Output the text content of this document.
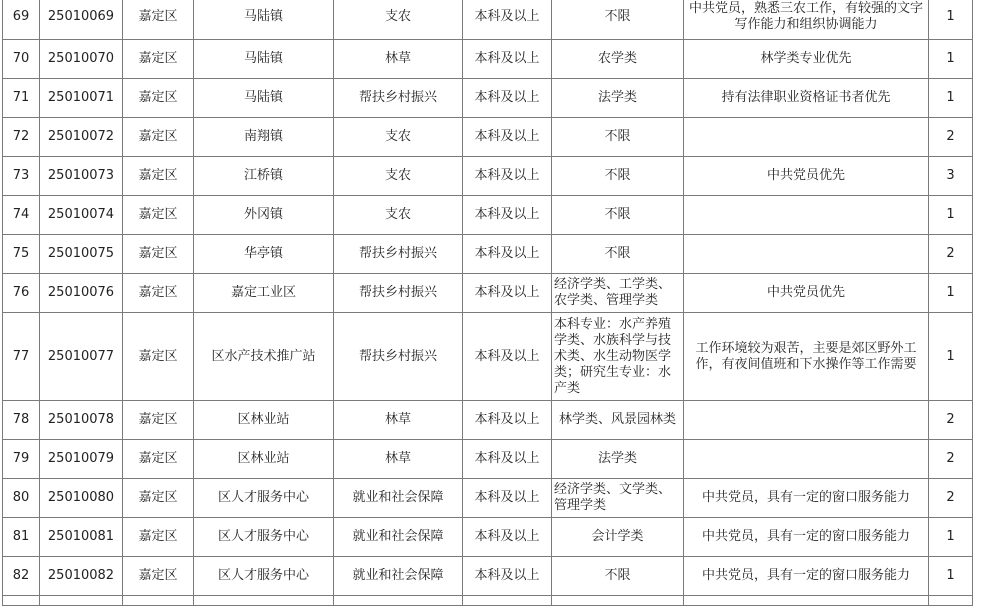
69	25010069	嘉定区	马陆镇	支农	本科及以上	不限	中共党员，熟悉三农工作，有较强的文字写作能力和组织协调能力	1
70	25010070	嘉定区	马陆镇	林草	本科及以上	农学类	林学类专业优先	1
71	25010071	嘉定区	马陆镇	帮扶乡村振兴	本科及以上	法学类	持有法律职业资格证书者优先	1
72	25010072	嘉定区	南翔镇	支农	本科及以上	不限		2
73	25010073	嘉定区	江桥镇	支农	本科及以上	不限	中共党员优先	3
74	25010074	嘉定区	外冈镇	支农	本科及以上	不限		1
75	25010075	嘉定区	华亭镇	帮扶乡村振兴	本科及以上	不限		2
76	25010076	嘉定区	嘉定工业区	帮扶乡村振兴	本科及以上	经济学类、工学类、农学类、管理学类	中共党员优先	1
77	25010077	嘉定区	区水产技术推广站	帮扶乡村振兴	本科及以上	本科专业：水产养殖学类、水族科学与技术类、水生动物医学类；研究生专业：水产类	工作环境较为艰苦，主要是郊区野外工作，有夜间值班和下水操作等工作需要	1
78	25010078	嘉定区	区林业站	林草	本科及以上	林学类、风景园林类		2
79	25010079	嘉定区	区林业站	林草	本科及以上	法学类		2
80	25010080	嘉定区	区人才服务中心	就业和社会保障	本科及以上	经济学类、文学类、管理学类	中共党员，具有一定的窗口服务能力	2
81	25010081	嘉定区	区人才服务中心	就业和社会保障	本科及以上	会计学类	中共党员，具有一定的窗口服务能力	1
82	25010082	嘉定区	区人才服务中心	就业和社会保障	本科及以上	不限	中共党员，具有一定的窗口服务能力	1
